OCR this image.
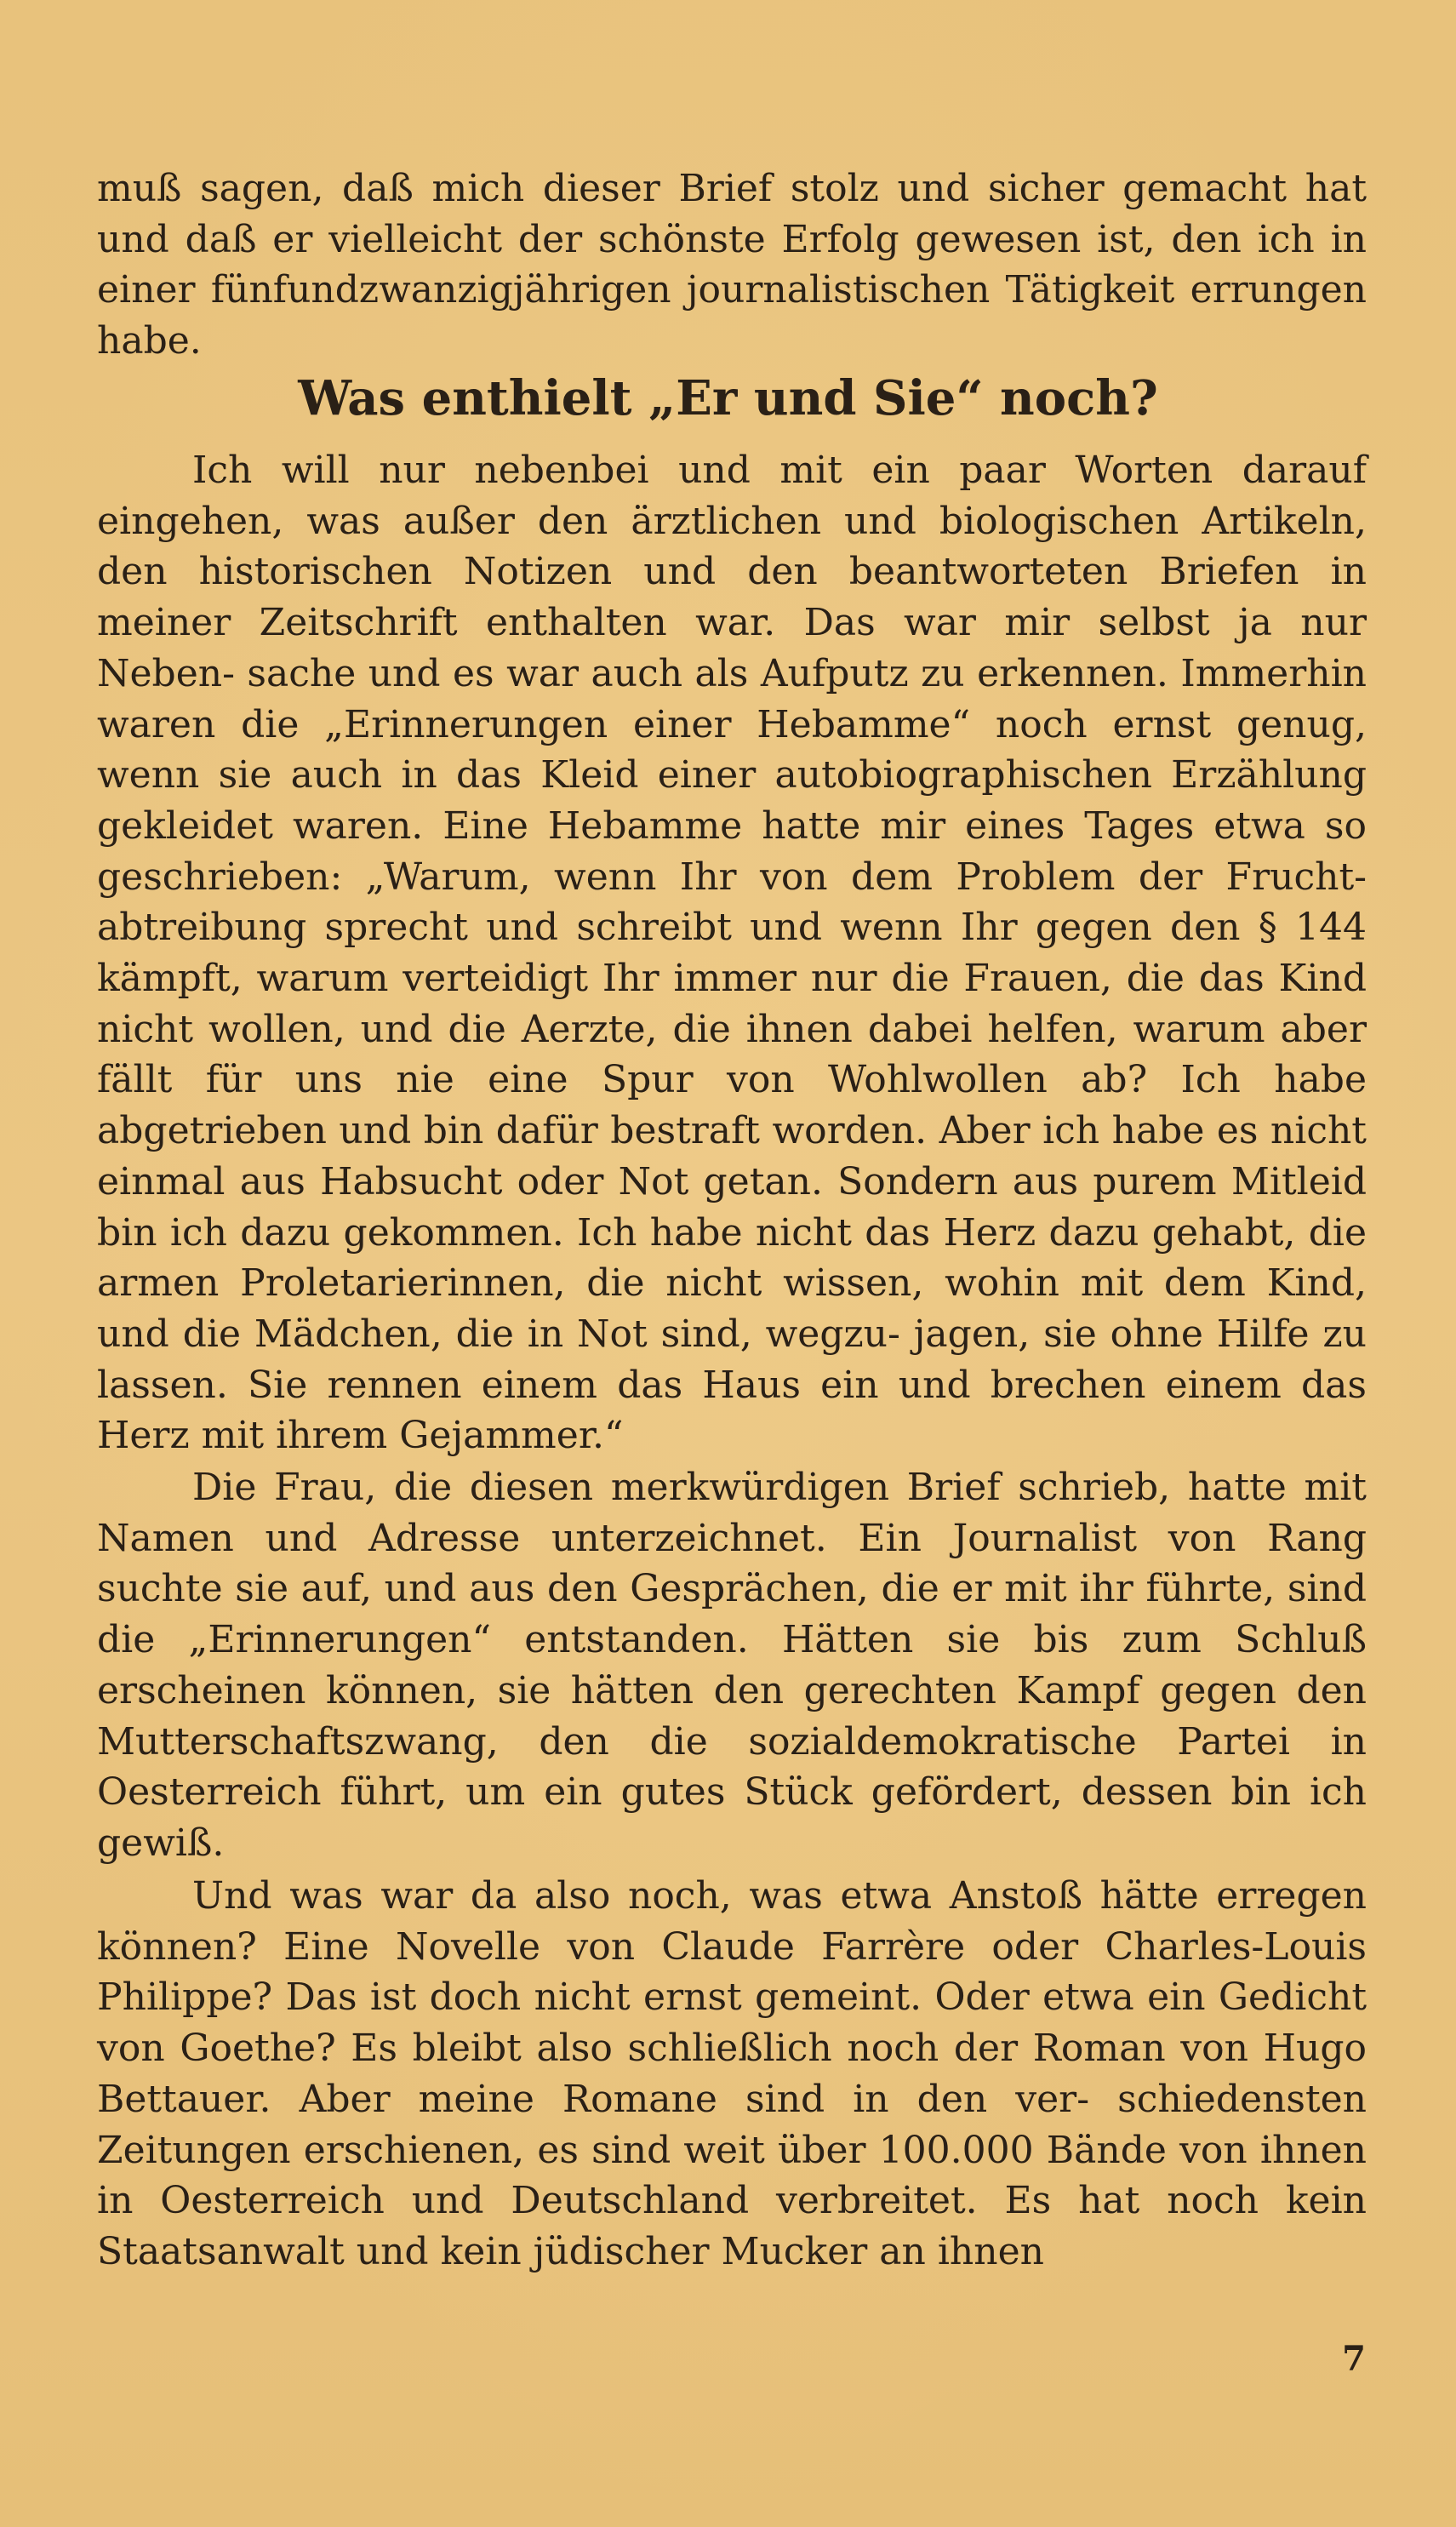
muß sagen, daß mich dieser Brief stolz und sicher gemacht hat und daß er vielleicht der schönste Erfolg gewesen ist, den ich in einer fünfundzwanzigjährigen journalistischen Tätigkeit errungen habe.
Was enthielt „Er und Sie“ noch?
Ich will nur nebenbei und mit ein paar Worten darauf eingehen, was außer den ärztlichen und biologischen Artikeln, den historischen Notizen und den beantworteten Briefen in meiner Zeitschrift enthalten war. Das war mir selbst ja nur Neben- sache und es war auch als Aufputz zu erkennen. Immerhin waren die „Erinnerungen einer Hebamme“ noch ernst genug, wenn sie auch in das Kleid einer autobiographischen Erzählung gekleidet waren. Eine Hebamme hatte mir eines Tages etwa so geschrieben: „Warum, wenn Ihr von dem Problem der Frucht- abtreibung sprecht und schreibt und wenn Ihr gegen den § 144 kämpft, warum verteidigt Ihr immer nur die Frauen, die das Kind nicht wollen, und die Aerzte, die ihnen dabei helfen, warum aber fällt für uns nie eine Spur von Wohlwollen ab? Ich habe abgetrieben und bin dafür bestraft worden. Aber ich habe es nicht einmal aus Habsucht oder Not getan. Sondern aus purem Mitleid bin ich dazu gekommen. Ich habe nicht das Herz dazu gehabt, die armen Proletarierinnen, die nicht wissen, wohin mit dem Kind, und die Mädchen, die in Not sind, wegzu- jagen, sie ohne Hilfe zu lassen. Sie rennen einem das Haus ein und brechen einem das Herz mit ihrem Gejammer.“
Die Frau, die diesen merkwürdigen Brief schrieb, hatte mit Namen und Adresse unterzeichnet. Ein Journalist von Rang suchte sie auf, und aus den Gesprächen, die er mit ihr führte, sind die „Erinnerungen“ entstanden. Hätten sie bis zum Schluß erscheinen können, sie hätten den gerechten Kampf gegen den Mutterschaftszwang, den die sozialdemokratische Partei in Oesterreich führt, um ein gutes Stück gefördert, dessen bin ich gewiß.
Und was war da also noch, was etwa Anstoß hätte erregen können? Eine Novelle von Claude Farrère oder Charles-Louis Philippe? Das ist doch nicht ernst gemeint. Oder etwa ein Gedicht von Goethe? Es bleibt also schließlich noch der Roman von Hugo Bettauer. Aber meine Romane sind in den ver- schiedensten Zeitungen erschienen, es sind weit über 100.000 Bände von ihnen in Oesterreich und Deutschland verbreitet. Es hat noch kein Staatsanwalt und kein jüdischer Mucker an ihnen
7
